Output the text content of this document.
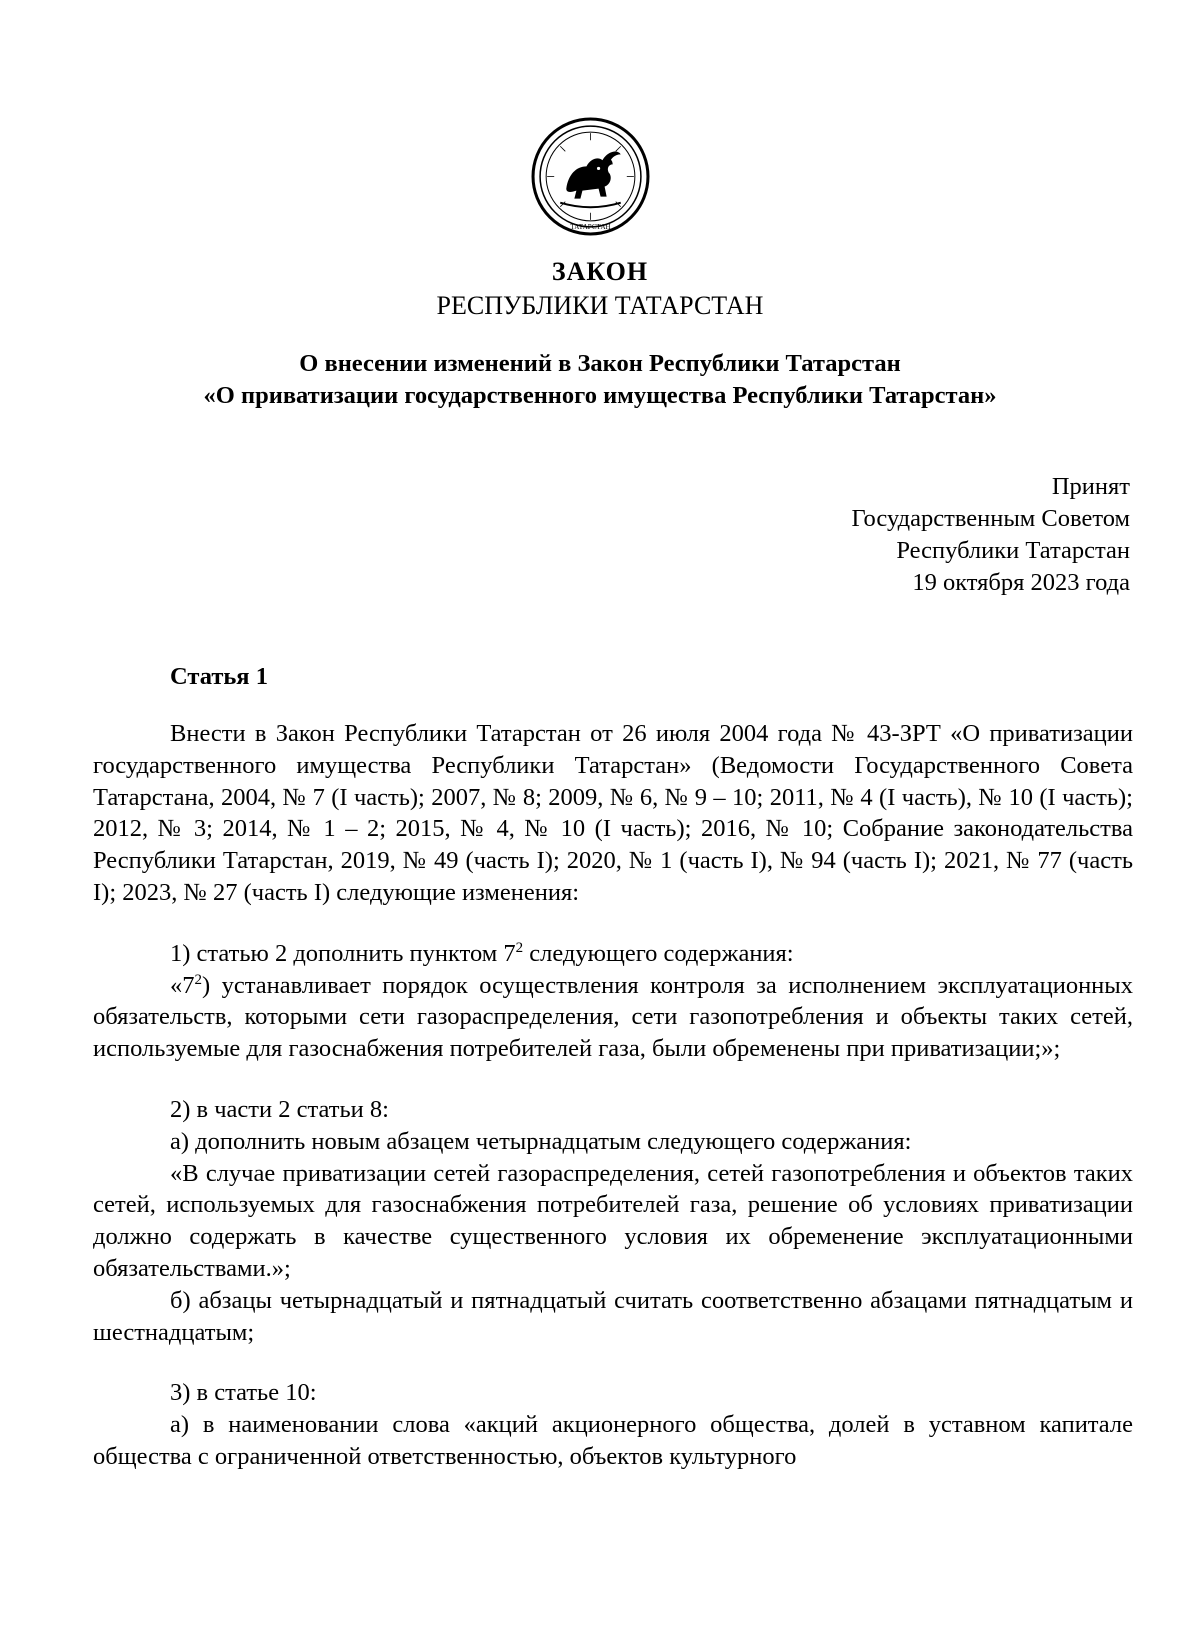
ТАТАРСТАН
ЗАКОН
РЕСПУБЛИКИ ТАТАРСТАН
О внесении изменений в Закон Республики Татарстан
«О приватизации государственного имущества Республики Татарстан»
Принят
Государственным Советом
Республики Татарстан
19 октября 2023 года
Статья 1

Внести в Закон Республики Татарстан от 26 июля 2004 года № 43-ЗРТ «О приватизации государственного имущества Республики Татарстан» (Ведомости Государственного Совета Татарстана, 2004, № 7 (I часть); 2007, № 8; 2009, № 6, № 9 – 10; 2011, № 4 (I часть), № 10 (I часть); 2012, № 3; 2014, № 1 – 2; 2015, № 4, № 10 (I часть); 2016, № 10; Собрание законодательства Республики Татарстан, 2019, № 49 (часть I); 2020, № 1 (часть I), № 94 (часть I); 2021, № 77 (часть I); 2023, № 27 (часть I) следующие изменения:

1) статью 2 дополнить пунктом $7^2$ следующего содержания:

«$7^2$) устанавливает порядок осуществления контроля за исполнением эксплуатационных обязательств, которыми сети газораспределения, сети газопотребления и объекты таких сетей, используемые для газоснабжения потребителей газа, были обременены при приватизации;»;

2) в части 2 статьи 8:

а) дополнить новым абзацем четырнадцатым следующего содержания:

«В случае приватизации сетей газораспределения, сетей газопотребления и объектов таких сетей, используемых для газоснабжения потребителей газа, решение об условиях приватизации должно содержать в качестве существенного условия их обременение эксплуатационными обязательствами.»;

б) абзацы четырнадцатый и пятнадцатый считать соответственно абзацами пятнадцатым и шестнадцатым;

3) в статье 10:

а) в наименовании слова «акций акционерного общества, долей в уставном капитале общества с ограниченной ответственностью, объектов культурного
